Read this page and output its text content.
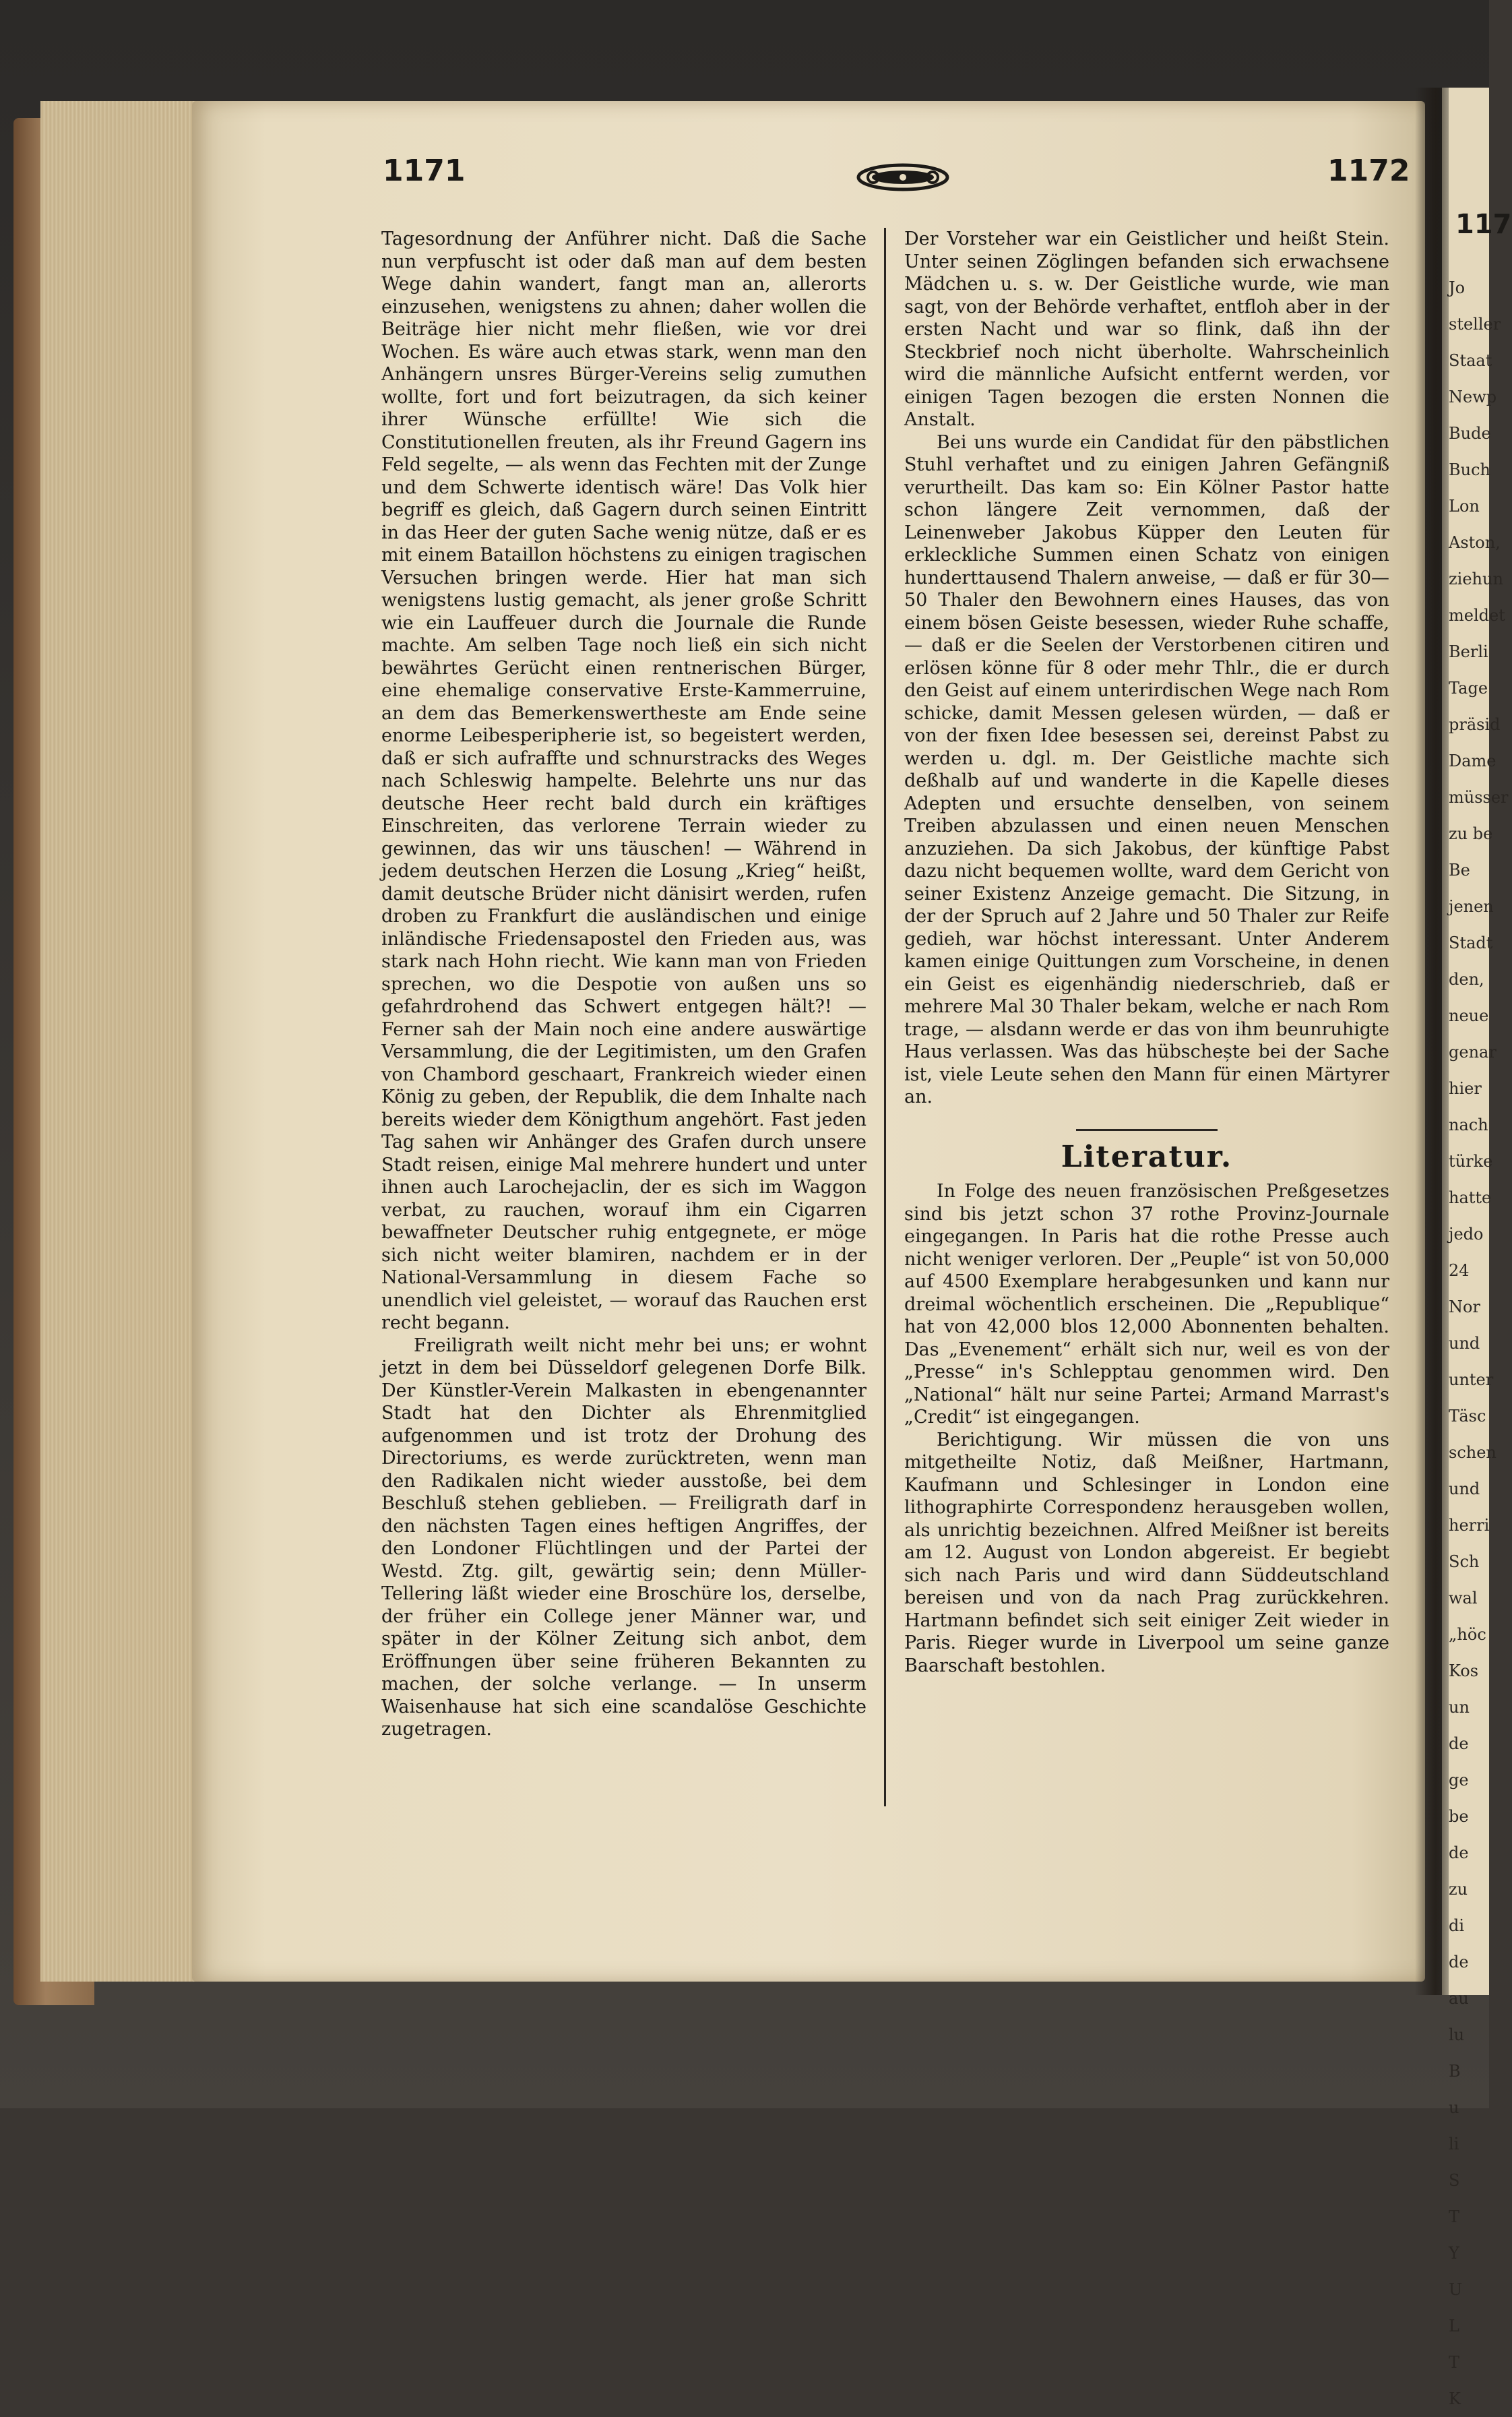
117
Jo
steller
Staat
Newp
Bude
Buch
Lon
Aston,
ziehun
meldet
Berli
Tage
präsid
Dame
müsser
zu be
Be
jenen
Stadt
den,
neue
genar
hier
nach
türke
hatte
jedo
24
Nor
und
unter
Täsc
schen
und
herri
Sch
wal
„höc
Kos
un
de
ge
be
de
zu
di
de
au
lu
B
u
li
S
T
Y
U
L
T
K
1171	1172

Tagesordnung der Anführer nicht. Daß die Sache nun verpfuscht ist oder daß man auf dem besten Wege dahin wandert, fangt man an, allerorts einzusehen, wenigstens zu ahnen; daher wollen die Beiträge hier nicht mehr fließen, wie vor drei Wochen. Es wäre auch etwas stark, wenn man den Anhängern unsres Bürger-Vereins selig zumuthen wollte, fort und fort beizutragen, da sich keiner ihrer Wünsche erfüllte! Wie sich die Constitutionellen freuten, als ihr Freund Gagern ins Feld segelte, — als wenn das Fechten mit der Zunge und dem Schwerte identisch wäre! Das Volk hier begriff es gleich, daß Gagern durch seinen Eintritt in das Heer der guten Sache wenig nütze, daß er es mit einem Bataillon höchstens zu einigen tragischen Versuchen bringen werde. Hier hat man sich wenigstens lustig gemacht, als jener große Schritt wie ein Lauffeuer durch die Journale die Runde machte. Am selben Tage noch ließ ein sich nicht bewährtes Gerücht einen rentnerischen Bürger, eine ehemalige conservative Erste-Kammerruine, an dem das Bemerkenswertheste am Ende seine enorme Leibesperipherie ist, so begeistert werden, daß er sich aufraffte und schnurstracks des Weges nach Schleswig hampelte. Belehrte uns nur das deutsche Heer recht bald durch ein kräftiges Einschreiten, das verlorene Terrain wieder zu gewinnen, das wir uns täuschen! — Während in jedem deutschen Herzen die Losung „Krieg“ heißt, damit deutsche Brüder nicht dänisirt werden, rufen droben zu Frankfurt die ausländischen und einige inländische Friedensapostel den Frieden aus, was stark nach Hohn riecht. Wie kann man von Frieden sprechen, wo die Despotie von außen uns so gefahrdrohend das Schwert entgegen hält?! — Ferner sah der Main noch eine andere auswärtige Versammlung, die der Legitimisten, um den Grafen von Chambord geschaart, Frankreich wieder einen König zu geben, der Republik, die dem Inhalte nach bereits wieder dem Königthum angehört. Fast jeden Tag sahen wir Anhänger des Grafen durch unsere Stadt reisen, einige Mal mehrere hundert und unter ihnen auch Larochejaclin, der es sich im Waggon verbat, zu rauchen, worauf ihm ein Cigarren bewaffneter Deutscher ruhig entgegnete, er möge sich nicht weiter blamiren, nachdem er in der National-Versammlung in diesem Fache so unendlich viel geleistet, — worauf das Rauchen erst recht begann.

Freiligrath weilt nicht mehr bei uns; er wohnt jetzt in dem bei Düsseldorf gelegenen Dorfe Bilk. Der Künstler-Verein Malkasten in ebengenannter Stadt hat den Dichter als Ehrenmitglied aufgenommen und ist trotz der Drohung des Directoriums, es werde zurücktreten, wenn man den Radikalen nicht wieder ausstoße, bei dem Beschluß stehen geblieben. — Freiligrath darf in den nächsten Tagen eines heftigen Angriffes, der den Londoner Flüchtlingen und der Partei der Westd. Ztg. gilt, gewärtig sein; denn Müller-Tellering läßt wieder eine Broschüre los, derselbe, der früher ein College jener Männer war, und später in der Kölner Zeitung sich anbot, dem Eröffnungen über seine früheren Bekannten zu machen, der solche verlange. — In unserm Waisenhause hat sich eine scandalöse Geschichte zugetragen.

Der Vorsteher war ein Geistlicher und heißt Stein. Unter seinen Zöglingen befanden sich erwachsene Mädchen u. s. w. Der Geistliche wurde, wie man sagt, von der Behörde verhaftet, entfloh aber in der ersten Nacht und war so flink, daß ihn der Steckbrief noch nicht überholte. Wahrscheinlich wird die männliche Aufsicht entfernt werden, vor einigen Tagen bezogen die ersten Nonnen die Anstalt.

Bei uns wurde ein Candidat für den päbstlichen Stuhl verhaftet und zu einigen Jahren Gefängniß verurtheilt. Das kam so: Ein Kölner Pastor hatte schon längere Zeit vernommen, daß der Leinenweber Jakobus Küpper den Leuten für erkleckliche Summen einen Schatz von einigen hunderttausend Thalern anweise, — daß er für 30—50 Thaler den Bewohnern eines Hauses, das von einem bösen Geiste besessen, wieder Ruhe schaffe, — daß er die Seelen der Verstorbenen citiren und erlösen könne für 8 oder mehr Thlr., die er durch den Geist auf einem unterirdischen Wege nach Rom schicke, damit Messen gelesen würden, — daß er von der fixen Idee besessen sei, dereinst Pabst zu werden u. dgl. m. Der Geistliche machte sich deßhalb auf und wanderte in die Kapelle dieses Adepten und ersuchte denselben, von seinem Treiben abzulassen und einen neuen Menschen anzuziehen. Da sich Jakobus, der künftige Pabst dazu nicht bequemen wollte, ward dem Gericht von seiner Existenz Anzeige gemacht. Die Sitzung, in der der Spruch auf 2 Jahre und 50 Thaler zur Reife gedieh, war höchst interessant. Unter Anderem kamen einige Quittungen zum Vorscheine, in denen ein Geist es eigenhändig niederschrieb, daß er mehrere Mal 30 Thaler bekam, welche er nach Rom trage, — alsdann werde er das von ihm beunruhigte Haus verlassen. Was das hübschește bei der Sache ist, viele Leute sehen den Mann für einen Märtyrer an.

Literatur.

In Folge des neuen französischen Preßgesetzes sind bis jetzt schon 37 rothe Provinz-Journale eingegangen. In Paris hat die rothe Presse auch nicht weniger verloren. Der „Peuple“ ist von 50,000 auf 4500 Exemplare herabgesunken und kann nur dreimal wöchentlich erscheinen. Die „Republique“ hat von 42,000 blos 12,000 Abonnenten behalten. Das „Evenement“ erhält sich nur, weil es von der „Presse“ in's Schlepptau genommen wird. Den „National“ hält nur seine Partei; Armand Marrast's „Credit“ ist eingegangen.

Berichtigung. Wir müssen die von uns mitgetheilte Notiz, daß Meißner, Hartmann, Kaufmann und Schlesinger in London eine lithographirte Correspondenz herausgeben wollen, als unrichtig bezeichnen. Alfred Meißner ist bereits am 12. August von London abgereist. Er begiebt sich nach Paris und wird dann Süddeutschland bereisen und von da nach Prag zurückkehren. Hartmann befindet sich seit einiger Zeit wieder in Paris. Rieger wurde in Liverpool um seine ganze Baarschaft bestohlen.
